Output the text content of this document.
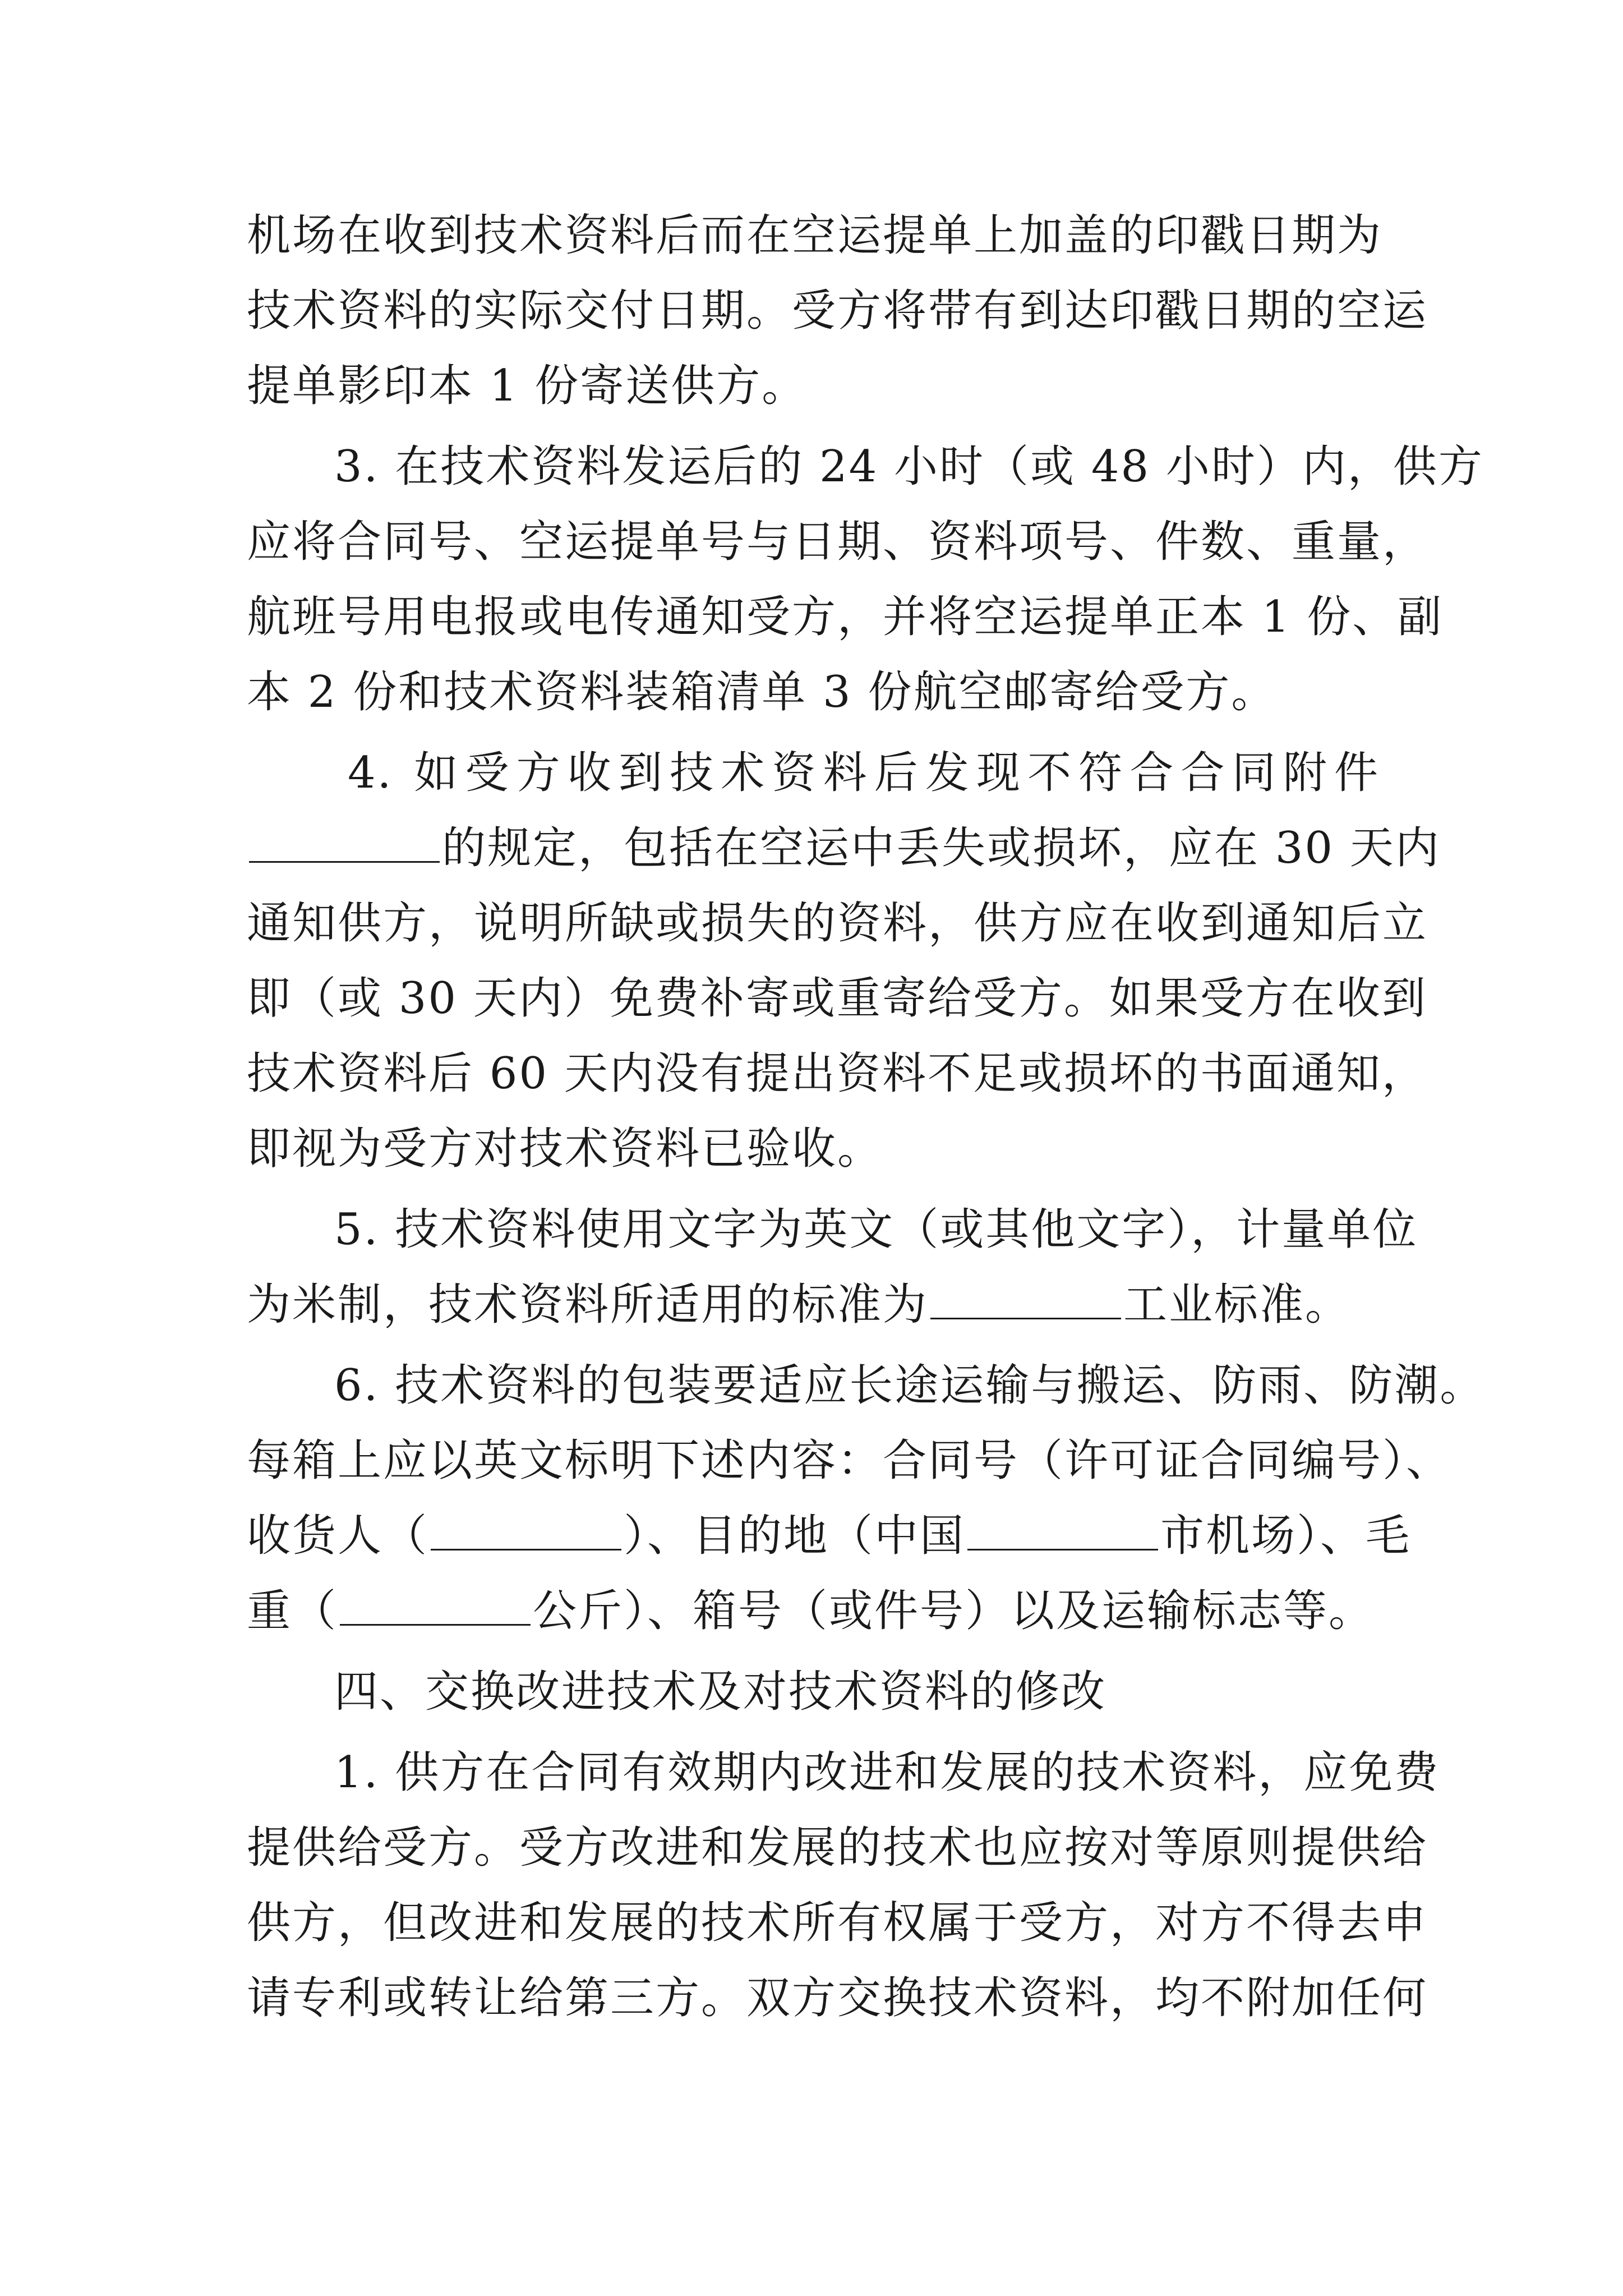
机场在收到技术资料后而在空运提单上加盖的印戳日期为
技术资料的实际交付日期。受方将带有到达印戳日期的空运
提单影印本 1 份寄送供方。
3. 在技术资料发运后的 24 小时（或 48 小时）内，供方
应将合同号、空运提单号与日期、资料项号、件数、重量，
航班号用电报或电传通知受方，并将空运提单正本 1 份、副
本 2 份和技术资料装箱清单 3 份航空邮寄给受方。
4. 如受方收到技术资料后发现不符合合同附件
的规定，包括在空运中丢失或损坏，应在 30 天内
通知供方，说明所缺或损失的资料，供方应在收到通知后立
即（或 30 天内）免费补寄或重寄给受方。如果受方在收到
技术资料后 60 天内没有提出资料不足或损坏的书面通知，
即视为受方对技术资料已验收。
5. 技术资料使用文字为英文（或其他文字），计量单位
为米制，技术资料所适用的标准为	工业标准。
6. 技术资料的包装要适应长途运输与搬运、防雨、防潮。
每箱上应以英文标明下述内容：合同号（许可证合同编号）、
收货人（	）、目的地（中国	市机场）、毛
重（	公斤）、箱号（或件号）以及运输标志等。
四、交换改进技术及对技术资料的修改
1. 供方在合同有效期内改进和发展的技术资料，应免费
提供给受方。受方改进和发展的技术也应按对等原则提供给
供方，但改进和发展的技术所有权属于受方，对方不得去申
请专利或转让给第三方。双方交换技术资料，均不附加任何
